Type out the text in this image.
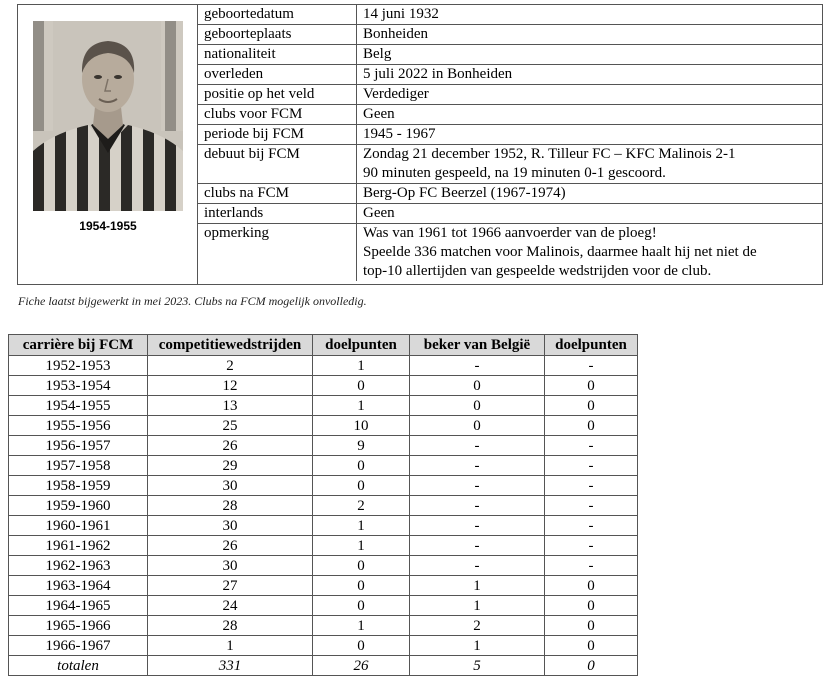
1954-1955
geboortedatum	14 juni 1932

geboorteplaats	Bonheiden

nationaliteit	Belg

overleden	5 juli 2022 in Bonheiden

positie op het veld	Verdediger

clubs voor FCM	Geen

periode bij FCM	1945 - 1967

debuut bij FCM	Zondag 21 december 1952, R. Tilleur FC – KFC Malinois 2-1
90 minuten gespeeld, na 19 minuten 0-1 gescoord.

clubs na FCM	Berg-Op FC Beerzel (1967-1974)

interlands	Geen

opmerking	Was van 1961 tot 1966 aanvoerder van de ploeg!
Speelde 336 matchen voor Malinois, daarmee haalt hij net niet de
top-10 allertijden van gespeelde wedstrijden voor de club.
Fiche laatst bijgewerkt in mei 2023. Clubs na FCM mogelijk onvolledig.
carrière bij FCM	competitiewedstrijden	doelpunten	beker van België	doelpunten
1952-1953	2	1	-	-
1953-1954	12	0	0	0
1954-1955	13	1	0	0
1955-1956	25	10	0	0
1956-1957	26	9	-	-
1957-1958	29	0	-	-
1958-1959	30	0	-	-
1959-1960	28	2	-	-
1960-1961	30	1	-	-
1961-1962	26	1	-	-
1962-1963	30	0	-	-
1963-1964	27	0	1	0
1964-1965	24	0	1	0
1965-1966	28	1	2	0
1966-1967	1	0	1	0
totalen	331	26	5	0
